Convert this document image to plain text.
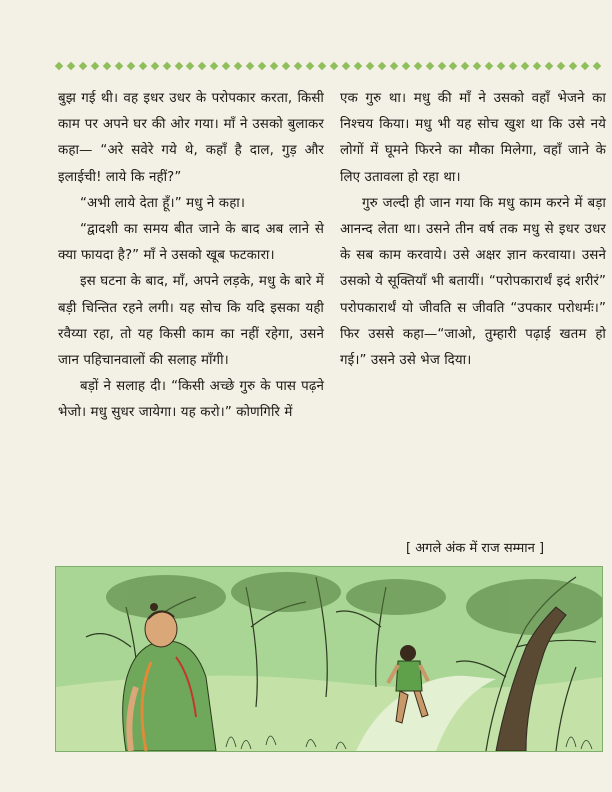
बुझ गई थी। वह इधर उधर के परोपकार करता, किसी काम पर अपने घर की ओर गया। माँ ने उसको बुलाकर कहा— “अरे सवेरे गये थे, कहाँ है दाल, गुड़ और इलाईची! लाये कि नहीं?”

“अभी लाये देता हूँ।” मधु ने कहा।

“द्वादशी का समय बीत जाने के बाद अब लाने से क्या फायदा है?” माँ ने उसको खूब फटकारा।

इस घटना के बाद, माँ, अपने लड़के, मधु के बारे में बड़ी चिन्तित रहने लगी। यह सोच कि यदि इसका यही रवैय्या रहा, तो यह किसी काम का नहीं रहेगा, उसने जान पहिचानवालों की सलाह माँगी।

बड़ों ने सलाह दी। “किसी अच्छे गुरु के पास पढ़ने भेजो। मधु सुधर जायेगा। यह करो।” कोणगिरि में

एक गुरु था। मधु की माँ ने उसको वहाँ भेजने का निश्चय किया। मधु भी यह सोच खुश था कि उसे नये लोगों में घूमने फिरने का मौका मिलेगा, वहाँ जाने के लिए उतावला हो रहा था।

गुरु जल्दी ही जान गया कि मधु काम करने में बड़ा आनन्द लेता था। उसने तीन वर्ष तक मधु से इधर उधर के सब काम करवाये। उसे अक्षर ज्ञान करवाया। उसने उसको ये सूक्तियाँ भी बतायीं। “परोपकारार्थं इदं शरीरं” परोपकारार्थं यो जीवति स जीवति “उपकार परोधर्मः।” फिर उससे कहा—“जाओ, तुम्हारी पढ़ाई खतम हो गई।” उसने उसे भेज दिया।

[ अगले अंक में राज सम्मान ]
